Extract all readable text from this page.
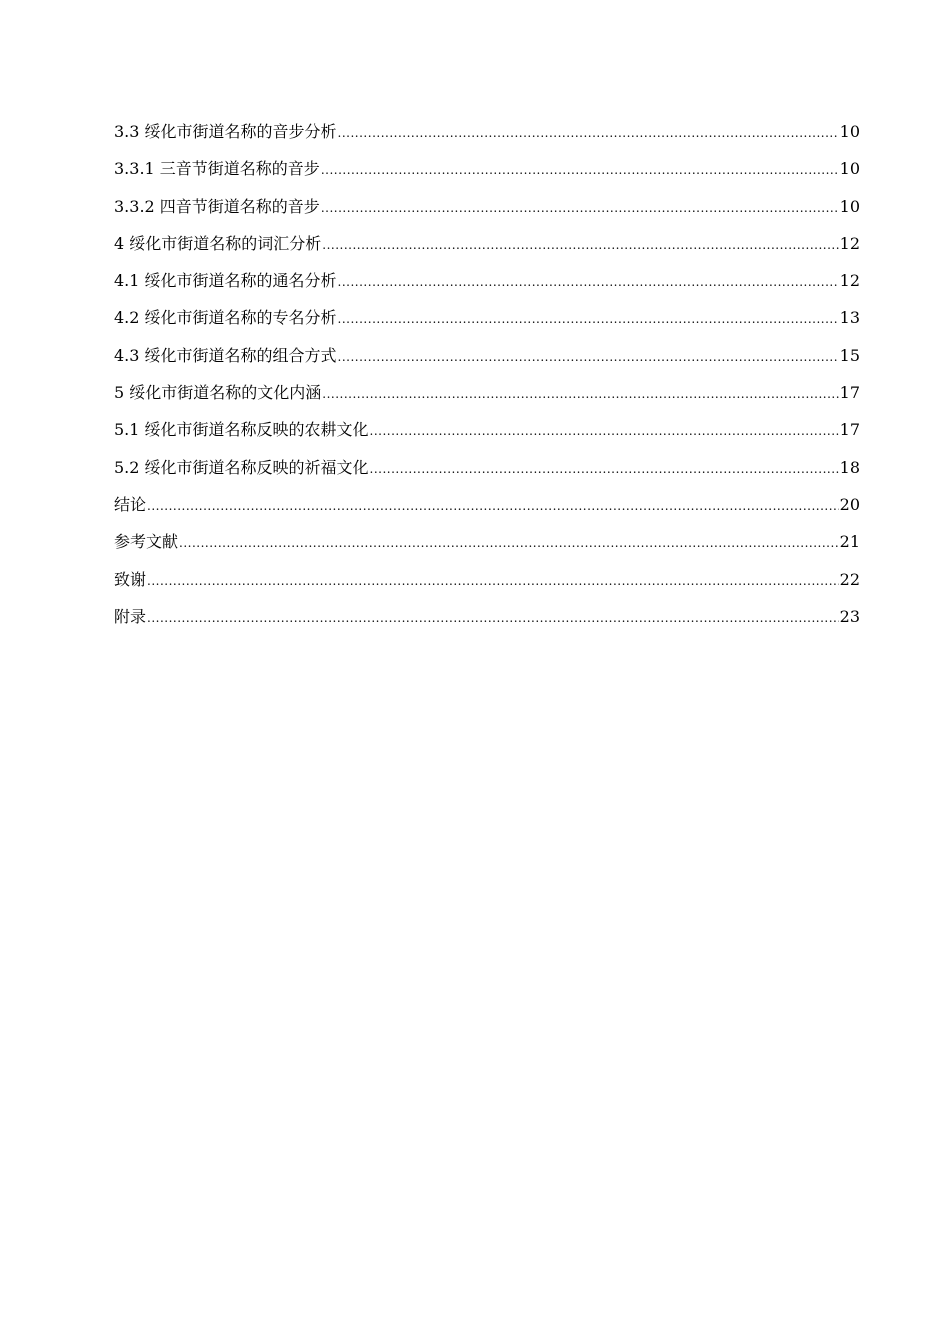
3.3 绥化市街道名称的音步分析 .....	10
3.3.1 三音节街道名称的音步 .....	10
3.3.2 四音节街道名称的音步 .....	10
4 绥化市街道名称的词汇分析 .....	12
4.1 绥化市街道名称的通名分析 .....	12
4.2 绥化市街道名称的专名分析 .....	13
4.3 绥化市街道名称的组合方式 .....	15
5 绥化市街道名称的文化内涵 .....	17
5.1 绥化市街道名称反映的农耕文化 .....	17
5.2 绥化市街道名称反映的祈福文化 .....	18
结论 .....	20
参考文献 .....	21
致谢 .....	22
附录 .....	23
